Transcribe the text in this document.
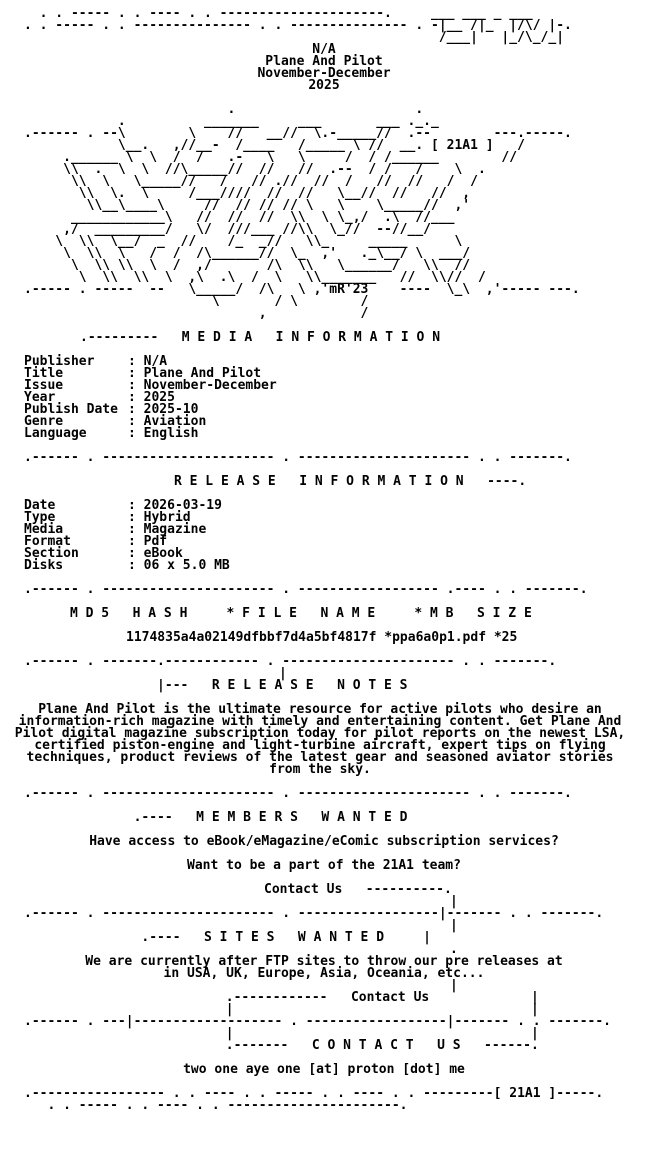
. . ----- . . ---- . . ---------------------.     ___ ___ _ ___
. . ----- . . --------------- . . --------------- . -|__ /|_  |/\/ |-.
/___|   |_/\_/_|
N/A
Plane And Pilot
November-December
2025
.                       .
.          _______     ___       ___ ._._
.------ . --\        \    //   __//  \.-_____//  .--        ---.-----.
\__.   ,//__-  /____   /_____ \ //  __. [ 21A1 ]   /
.______ \  \  /  /   .-   \   \     /  / /______        //
\\  .  \  \  //\_____//  //   //  .--  / /   /    \  .
\\  \   \_____//   /   // .//  //  /   //  //   /  /
\\  \.  \     /___////  //  //   \__//  //   //  ,
\\__\____\     //  // // // \   \    \_____//  ,'
____________\   //  //  //  \\  \ \_,/  .\  //___
,/  _________/   \/  ///___ //\\  \_//  --//__/
\  \\  \__/  _  //    /_  _//   \\_     _____      \
\  \\  \   /  /  /\______//  \_  ,'   ._\__/ \  ___/
\  \\ \\  \  /  ,/       /\  \\   \______/   \\  //
\  \\  \\  \  ,\  .\  /  \   \\_______   //  \\//  /
.----- . -----  --   \_____/  /\   \ ,'mR'23    ----  \_\  ,'----- ---.
\       / \        /
,            /
.---------   M E D I A   I N F O R M A T I O N
Publisher	: N/A
Title	: Plane And Pilot
Issue	: November-December
Year	: 2025
Publish Date : 2025-10
Genre	: Aviation
Language	: English
.------ . ---------------------- . ---------------------- . . -------.
R E L E A S E   I N F O R M A T I O N   ----.
Date	: 2026-03-19
Type	: Hybrid
Media	: Magazine
Format	: Pdf
Section	: eBook
Disks	: 06 x 5.0 MB
.------ . ---------------------- . ------------------ .---- . . -------.
M D 5   H A S H     * F I L E   N A M E     * M B   S I Z E
1174835a4a02149dfbbf7d4a5bf4817f *ppa6a0p1.pdf *25
.------ . -------.------------ . ---------------------- . . -------.
|
|---   R E L E A S E   N O T E S
Plane And Pilot is the ultimate resource for active pilots who desire an information-rich magazine with timely and entertaining content. Get Plane And Pilot digital magazine subscription today for pilot reports on the newest LSA, certified piston-engine and light-turbine aircraft, expert tips on flying techniques, product reviews of the latest gear and seasoned aviator stories from the sky.
.------ . ---------------------- . ---------------------- . . -------.
.----   M E M B E R S   W A N T E D
Have access to eBook/eMagazine/eComic subscription services?
Want to be a part of the 21A1 team?
Contact Us   ----------.
|
.------ . ---------------------- . ------------------|------- . . -------.
|
.----   S I T E S   W A N T E D     |
.
We are currently after FTP sites to throw our pre releases at
in USA, UK, Europe, Asia, Oceania, etc...
|
.------------   Contact Us             |
|                                      |
.------ . ---|------------------- . ------------------|------- . . -------.
|                                      |
.-------   C O N T A C T   U S   ------.
two one aye one [at] proton [dot] me
.----------------- . . ---- . . ----- . . ---- . . ---------[ 21A1 ]-----.
. . ----- . . ---- . . ----------------------.
